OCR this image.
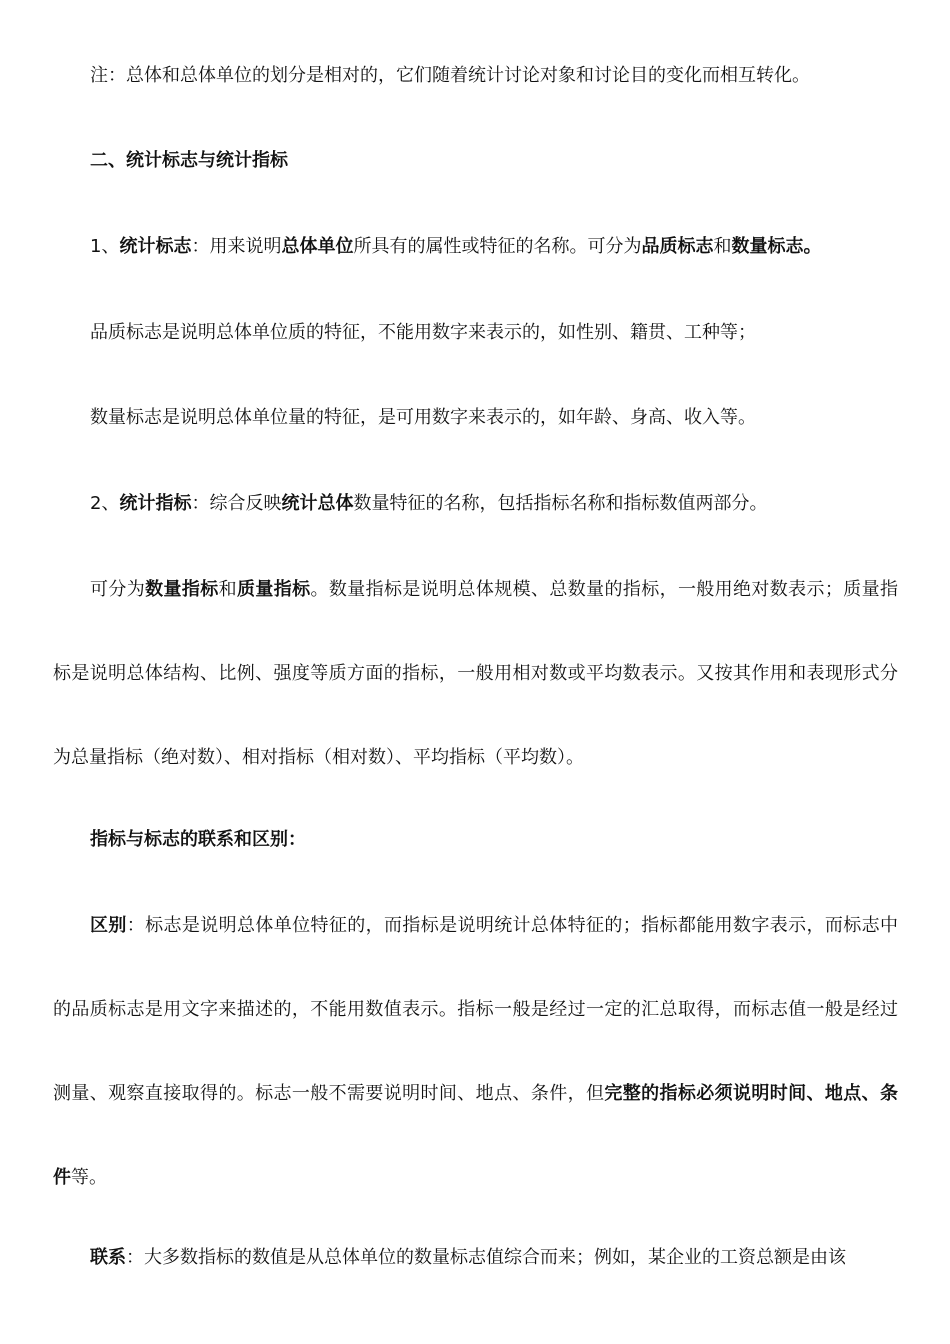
注：总体和总体单位的划分是相对的，它们随着统计讨论对象和讨论目的变化而相互转化。

二、统计标志与统计指标

1、统计标志：用来说明总体单位所具有的属性或特征的名称。可分为品质标志和数量标志。

品质标志是说明总体单位质的特征，不能用数字来表示的，如性别、籍贯、工种等；

数量标志是说明总体单位量的特征，是可用数字来表示的，如年龄、身高、收入等。

2、统计指标：综合反映统计总体数量特征的名称，包括指标名称和指标数值两部分。

可分为数量指标和质量指标。数量指标是说明总体规模、总数量的指标，一般用绝对数表示；质量指标是说明总体结构、比例、强度等质方面的指标，一般用相对数或平均数表示。又按其作用和表现形式分为总量指标（绝对数）、相对指标（相对数）、平均指标（平均数）。

指标与标志的联系和区别：

区别：标志是说明总体单位特征的，而指标是说明统计总体特征的；指标都能用数字表示，而标志中的品质标志是用文字来描述的，不能用数值表示。指标一般是经过一定的汇总取得，而标志值一般是经过测量、观察直接取得的。标志一般不需要说明时间、地点、条件，但完整的指标必须说明时间、地点、条件等。

联系：大多数指标的数值是从总体单位的数量标志值综合而来；例如，某企业的工资总额是由该
